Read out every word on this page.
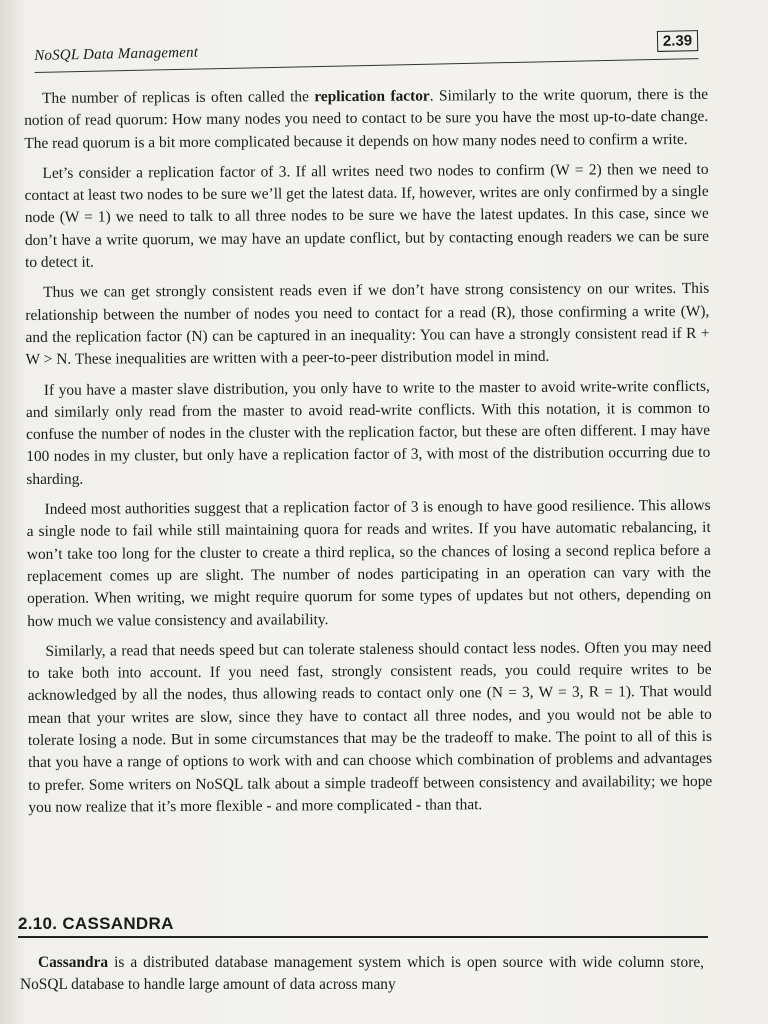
NoSQL Data Management
2.39

The number of replicas is often called the replication factor. Similarly to the write quorum, there is the notion of read quorum: How many nodes you need to contact to be sure you have the most up-to-date change. The read quorum is a bit more complicated because it depends on how many nodes need to confirm a write.

Let’s consider a replication factor of 3. If all writes need two nodes to confirm (W = 2) then we need to contact at least two nodes to be sure we’ll get the latest data. If, however, writes are only confirmed by a single node (W = 1) we need to talk to all three nodes to be sure we have the latest updates. In this case, since we don’t have a write quorum, we may have an update conflict, but by contacting enough readers we can be sure to detect it.

Thus we can get strongly consistent reads even if we don’t have strong consistency on our writes. This relationship between the number of nodes you need to contact for a read (R), those confirming a write (W), and the replication factor (N) can be captured in an inequality: You can have a strongly consistent read if R + W > N. These inequalities are written with a peer-to-peer distribution model in mind.

If you have a master slave distribution, you only have to write to the master to avoid write-write conflicts, and similarly only read from the master to avoid read-write conflicts. With this notation, it is common to confuse the number of nodes in the cluster with the replication factor, but these are often different. I may have 100 nodes in my cluster, but only have a replication factor of 3, with most of the distribution occurring due to sharding.

Indeed most authorities suggest that a replication factor of 3 is enough to have good resilience. This allows a single node to fail while still maintaining quora for reads and writes. If you have automatic rebalancing, it won’t take too long for the cluster to create a third replica, so the chances of losing a second replica before a replacement comes up are slight. The number of nodes participating in an operation can vary with the operation. When writing, we might require quorum for some types of updates but not others, depending on how much we value consistency and availability.

Similarly, a read that needs speed but can tolerate staleness should contact less nodes. Often you may need to take both into account. If you need fast, strongly consistent reads, you could require writes to be acknowledged by all the nodes, thus allowing reads to contact only one (N = 3, W = 3, R = 1). That would mean that your writes are slow, since they have to contact all three nodes, and you would not be able to tolerate losing a node. But in some circumstances that may be the tradeoff to make. The point to all of this is that you have a range of options to work with and can choose which combination of problems and advantages to prefer. Some writers on NoSQL talk about a simple tradeoff between consistency and availability; we hope you now realize that it’s more flexible - and more complicated - than that.

2.10. CASSANDRA

Cassandra is a distributed database management system which is open source with wide column store, NoSQL database to handle large amount of data across many
